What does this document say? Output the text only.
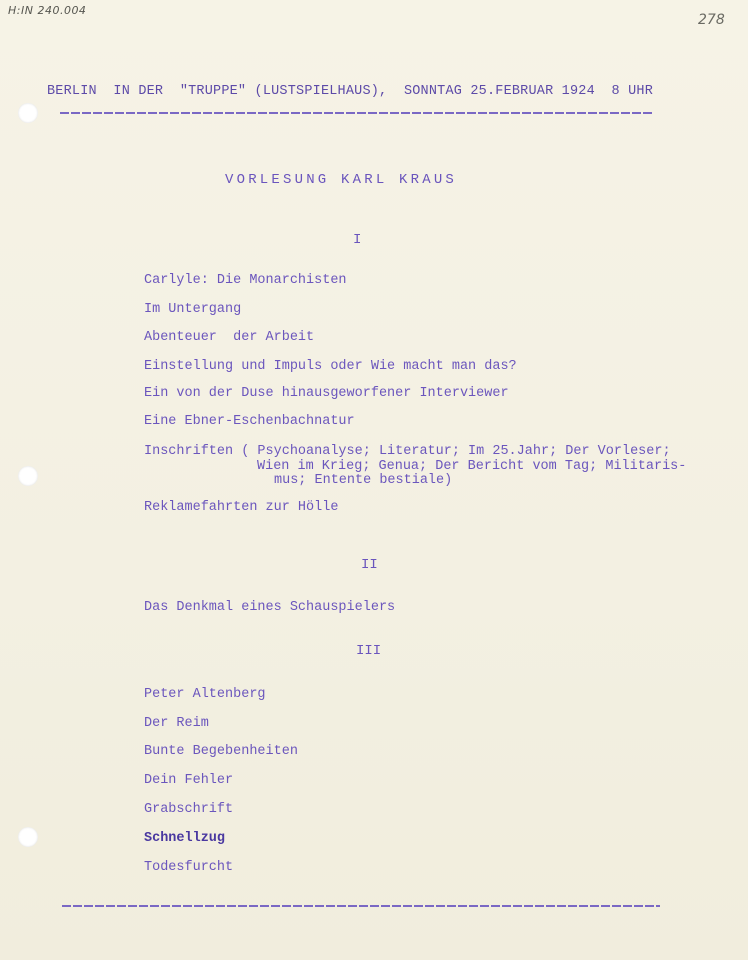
H:IN 240.004
278
BERLIN  IN DER  "TRUPPE" (LUSTSPIELHAUS),  SONNTAG 25.FEBRUAR 1924  8 UHR
VORLESUNG KARL KRAUS
I
Carlyle: Die Monarchisten
Im Untergang
Abenteuer  der Arbeit
Einstellung und Impuls oder Wie macht man das?
Ein von der Duse hinausgeworfener Interviewer
Eine Ebner-Eschenbachnatur
Inschriften ( Psychoanalyse; Literatur; Im 25.Jahr; Der Vorleser;
Wien im Krieg; Genua; Der Bericht vom Tag; Militaris-
mus; Entente bestiale)
Reklamefahrten zur Hölle
II
Das Denkmal eines Schauspielers
III
Peter Altenberg
Der Reim
Bunte Begebenheiten
Dein Fehler
Grabschrift
Schnellzug
Todesfurcht
